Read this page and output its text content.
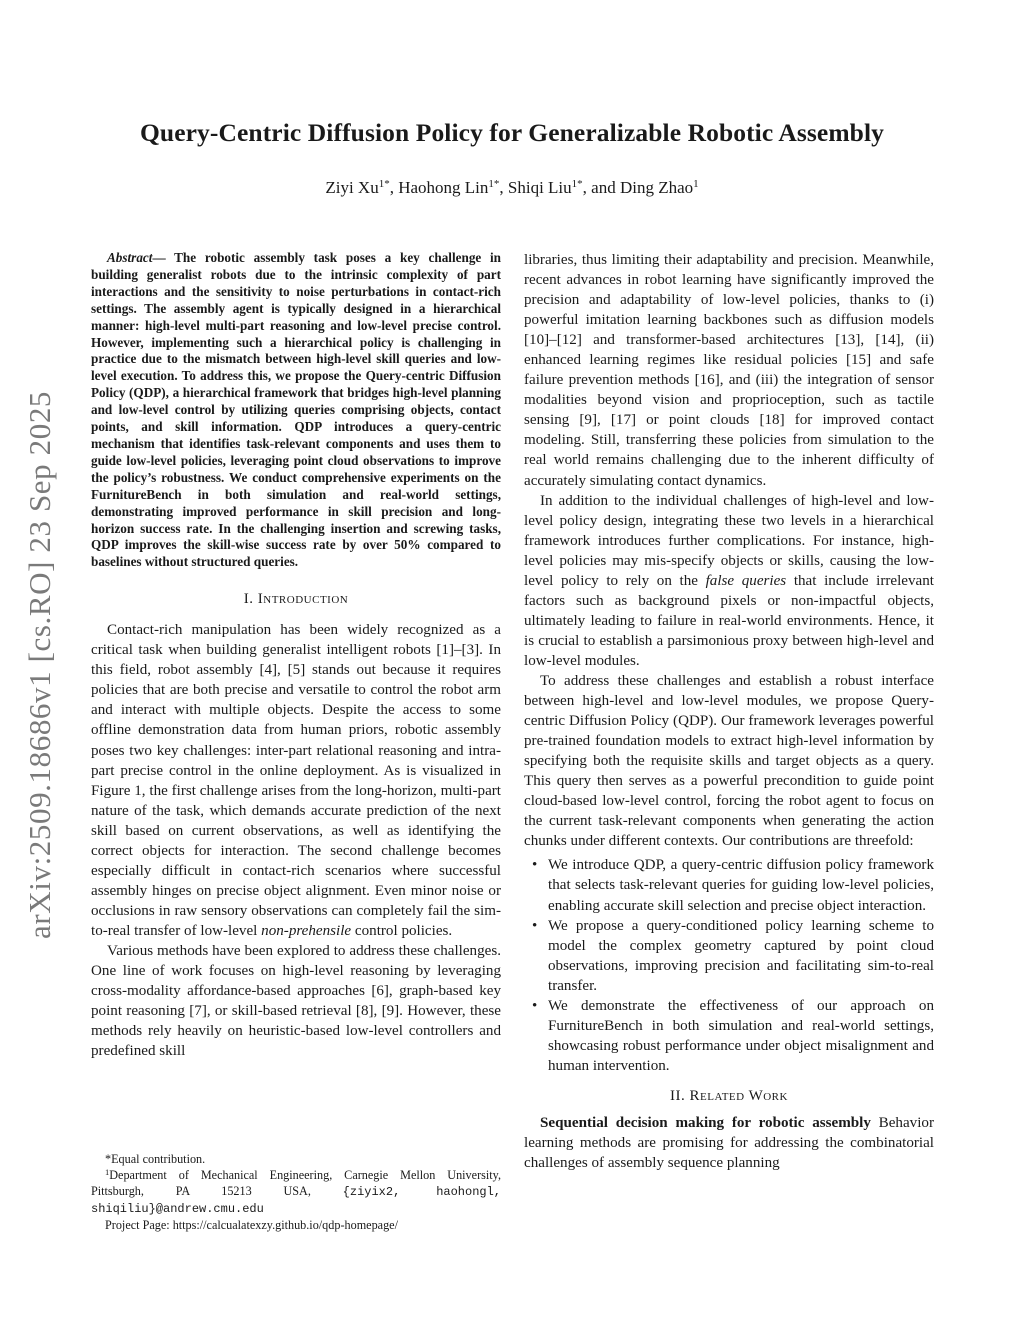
arXiv:2509.18686v1 [cs.RO] 23 Sep 2025
Query-Centric Diffusion Policy for Generalizable Robotic Assembly
Ziyi $Xu^{1*}$, Haohong Lin$^{1*}$, Shiqi Liu$^{1*}$, and Ding Zhao$^1$

Abstract— The robotic assembly task poses a key challenge in building generalist robots due to the intrinsic complexity of part interactions and the sensitivity to noise perturbations in contact-rich settings. The assembly agent is typically designed in a hierarchical manner: high-level multi-part reasoning and low-level precise control. However, implementing such a hierarchical policy is challenging in practice due to the mismatch between high-level skill queries and low-level execution. To address this, we propose the Query-centric Diffusion Policy (QDP), a hierarchical framework that bridges high-level planning and low-level control by utilizing queries comprising objects, contact points, and skill information. QDP introduces a query-centric mechanism that identifies task-relevant components and uses them to guide low-level policies, leveraging point cloud observations to improve the policy’s robustness. We conduct comprehensive experiments on the FurnitureBench in both simulation and real-world settings, demonstrating improved performance in skill precision and long-horizon success rate. In the challenging insertion and screwing tasks, QDP improves the skill-wise success rate by over 50% compared to baselines without structured queries.

I. Introduction

Contact-rich manipulation has been widely recognized as a critical task when building generalist intelligent robots [1]–[3]. In this field, robot assembly [4], [5] stands out because it requires policies that are both precise and versatile to control the robot arm and interact with multiple objects. Despite the access to some offline demonstration data from human priors, robotic assembly poses two key challenges: inter-part relational reasoning and intra-part precise control in the online deployment. As is visualized in Figure 1, the first challenge arises from the long-horizon, multi-part nature of the task, which demands accurate prediction of the next skill based on current observations, as well as identifying the correct objects for interaction. The second challenge becomes especially difficult in contact-rich scenarios where successful assembly hinges on precise object alignment. Even minor noise or occlusions in raw sensory observations can completely fail the sim-to-real transfer of low-level non-prehensile control policies.

Various methods have been explored to address these challenges. One line of work focuses on high-level reasoning by leveraging cross-modality affordance-based approaches [6], graph-based key point reasoning [7], or skill-based retrieval [8], [9]. However, these methods rely heavily on heuristic-based low-level controllers and predefined skill

*Equal contribution.

$^1$Department of Mechanical Engineering, Carnegie Mellon University, Pittsburgh, PA 15213 USA, {ziyix2, haohongl, shiqiliu}@andrew.cmu.edu

Project Page: https://calcualatexzy.github.io/qdp-homepage/

libraries, thus limiting their adaptability and precision. Meanwhile, recent advances in robot learning have significantly improved the precision and adaptability of low-level policies, thanks to (i) powerful imitation learning backbones such as diffusion models [10]–[12] and transformer-based architectures [13], [14], (ii) enhanced learning regimes like residual policies [15] and safe failure prevention methods [16], and (iii) the integration of sensor modalities beyond vision and proprioception, such as tactile sensing [9], [17] or point clouds [18] for improved contact modeling. Still, transferring these policies from simulation to the real world remains challenging due to the inherent difficulty of accurately simulating contact dynamics.

In addition to the individual challenges of high-level and low-level policy design, integrating these two levels in a hierarchical framework introduces further complications. For instance, high-level policies may mis-specify objects or skills, causing the low-level policy to rely on the false queries that include irrelevant factors such as background pixels or non-impactful objects, ultimately leading to failure in real-world environments. Hence, it is crucial to establish a parsimonious proxy between high-level and low-level modules.

To address these challenges and establish a robust interface between high-level and low-level modules, we propose Query-centric Diffusion Policy (QDP). Our framework leverages powerful pre-trained foundation models to extract high-level information by specifying both the requisite skills and target objects as a query. This query then serves as a powerful precondition to guide point cloud-based low-level control, forcing the robot agent to focus on the current task-relevant components when generating the action chunks under different contexts. Our contributions are threefold:

• We introduce QDP, a query-centric diffusion policy framework that selects task-relevant queries for guiding low-level policies, enabling accurate skill selection and precise object interaction.
• We propose a query-conditioned policy learning scheme to model the complex geometry captured by point cloud observations, improving precision and facilitating sim-to-real transfer.
• We demonstrate the effectiveness of our approach on FurnitureBench in both simulation and real-world settings, showcasing robust performance under object misalignment and human intervention.
II. Related Work

Sequential decision making for robotic assembly Behavior learning methods are promising for addressing the combinatorial challenges of assembly sequence planning
